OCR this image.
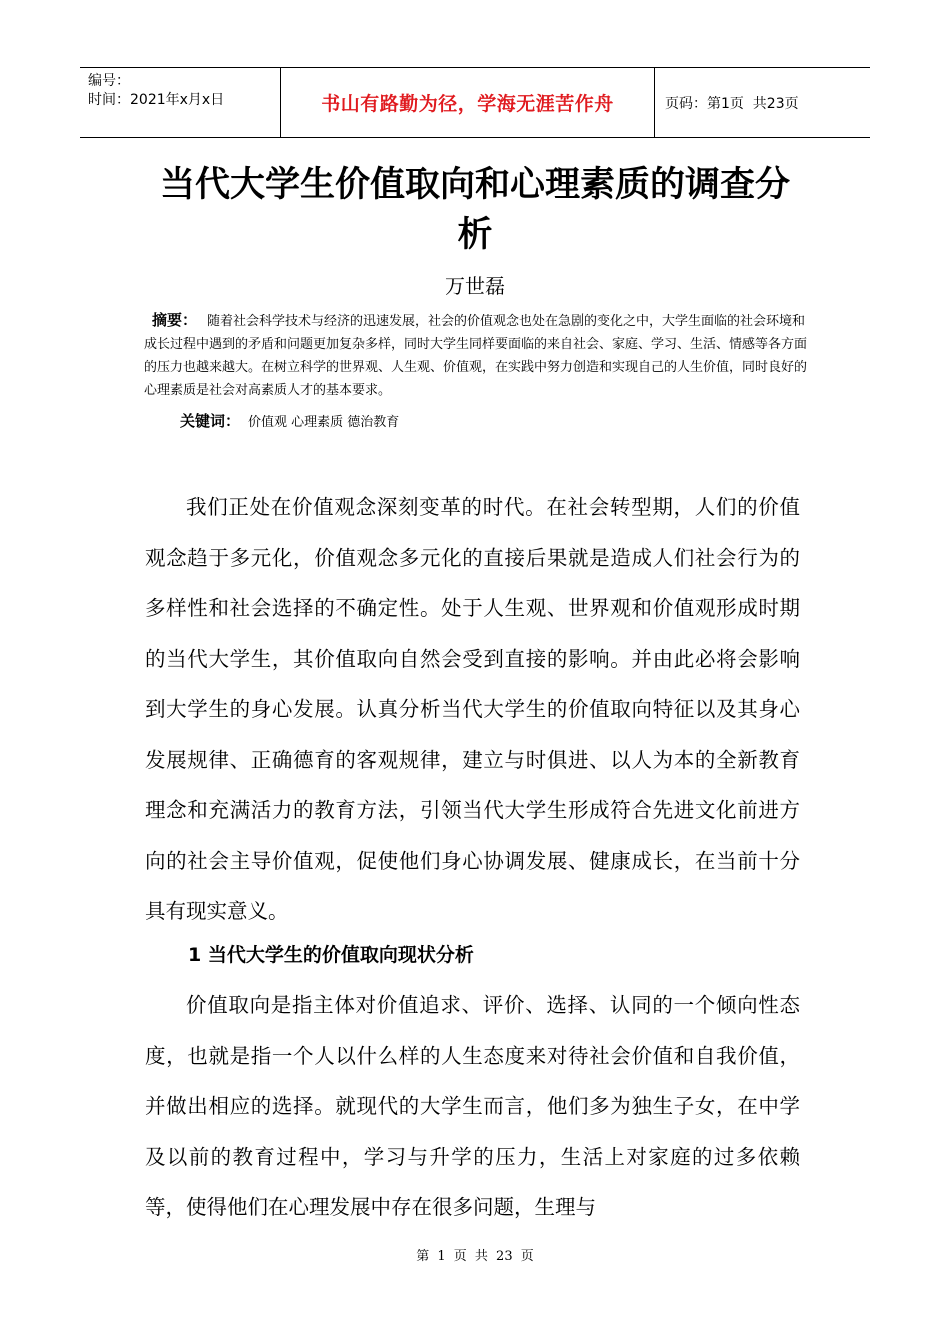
编号：
时间：2021年x月x日	书山有路勤为径，学海无涯苦作舟	页码：第1页  共23页
当代大学生价值取向和心理素质的调查分析
万世磊
摘要： 随着社会科学技术与经济的迅速发展，社会的价值观念也处在急剧的变化之中，大学生面临的社会环境和成长过程中遇到的矛盾和问题更加复杂多样，同时大学生同样要面临的来自社会、家庭、学习、生活、情感等各方面的压力也越来越大。在树立科学的世界观、人生观、价值观，在实践中努力创造和实现自己的人生价值，同时良好的心理素质是社会对高素质人才的基本要求。
关键词： 价值观 心理素质 德治教育

我们正处在价值观念深刻变革的时代。在社会转型期，人们的价值观念趋于多元化，价值观念多元化的直接后果就是造成人们社会行为的多样性和社会选择的不确定性。处于人生观、世界观和价值观形成时期的当代大学生，其价值取向自然会受到直接的影响。并由此必将会影响到大学生的身心发展。认真分析当代大学生的价值取向特征以及其身心发展规律、正确德育的客观规律，建立与时俱进、以人为本的全新教育理念和充满活力的教育方法，引领当代大学生形成符合先进文化前进方向的社会主导价值观，促使他们身心协调发展、健康成长，在当前十分具有现实意义。

1 当代大学生的价值取向现状分析

价值取向是指主体对价值追求、评价、选择、认同的一个倾向性态度，也就是指一个人以什么样的人生态度来对待社会价值和自我价值，并做出相应的选择。就现代的大学生而言，他们多为独生子女，在中学及以前的教育过程中，学习与升学的压力，生活上对家庭的过多依赖等，使得他们在心理发展中存在很多问题，生理与

第 1 页 共 23 页
